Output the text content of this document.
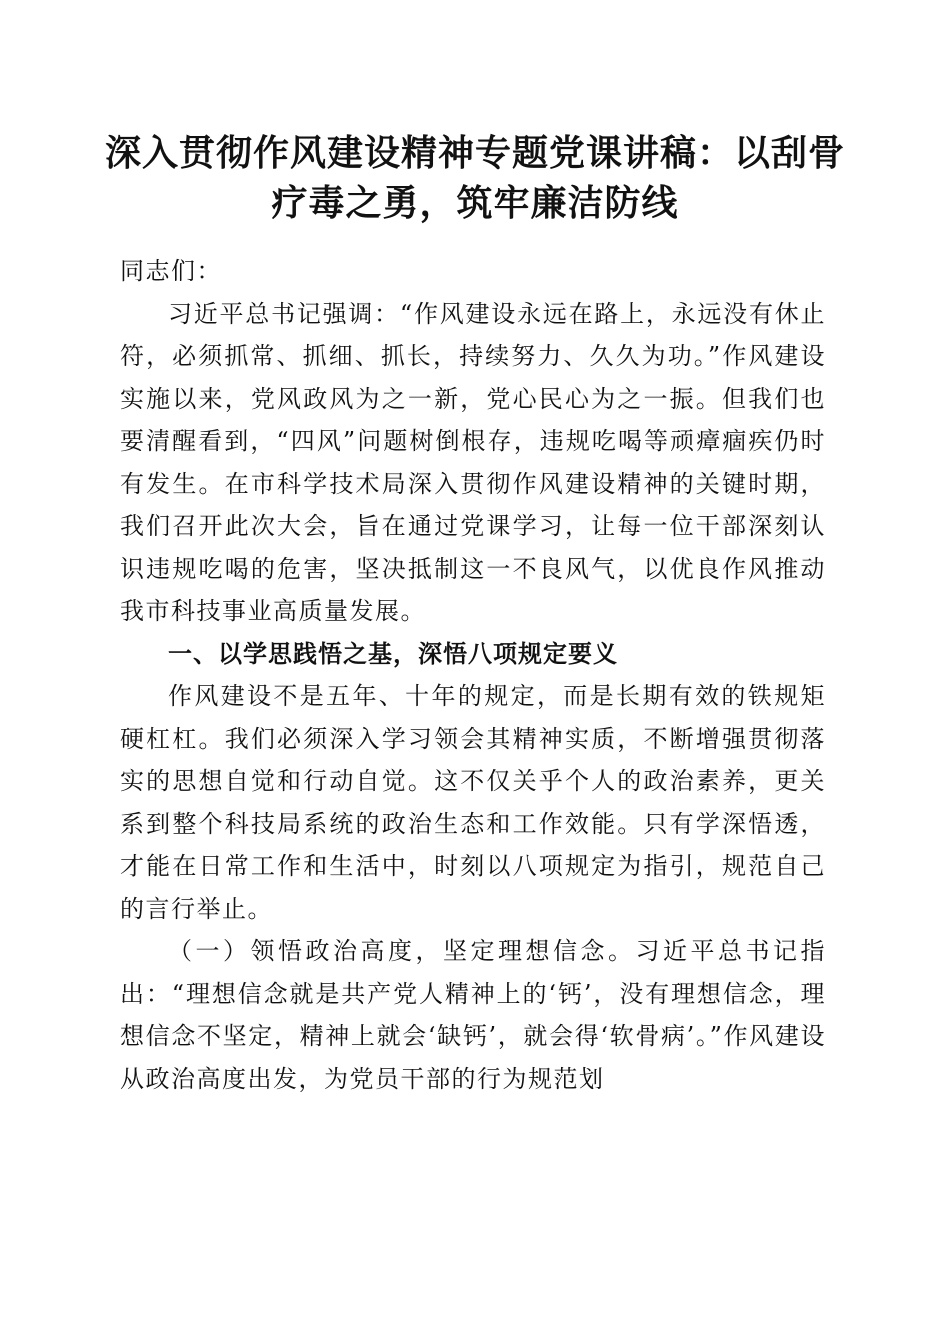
深入贯彻作风建设精神专题党课讲稿：以刮骨
疗毒之勇，筑牢廉洁防线

同志们：

习近平总书记强调：“作风建设永远在路上，永远没有休止符，必须抓常、抓细、抓长，持续努力、久久为功。”作风建设实施以来，党风政风为之一新，党心民心为之一振。但我们也要清醒看到，“四风”问题树倒根存，违规吃喝等顽瘴痼疾仍时有发生。在市科学技术局深入贯彻作风建设精神的关键时期，我们召开此次大会，旨在通过党课学习，让每一位干部深刻认识违规吃喝的危害，坚决抵制这一不良风气，以优良作风推动我市科技事业高质量发展。

一、以学思践悟之基，深悟八项规定要义

作风建设不是五年、十年的规定，而是长期有效的铁规矩硬杠杠。我们必须深入学习领会其精神实质，不断增强贯彻落实的思想自觉和行动自觉。这不仅关乎个人的政治素养，更关系到整个科技局系统的政治生态和工作效能。只有学深悟透，才能在日常工作和生活中，时刻以八项规定为指引，规范自己的言行举止。

（一）领悟政治高度，坚定理想信念。习近平总书记指出：“理想信念就是共产党人精神上的‘钙’，没有理想信念，理想信念不坚定，精神上就会‘缺钙’，就会得‘软骨病’。”作风建设从政治高度出发，为党员干部的行为规范划
